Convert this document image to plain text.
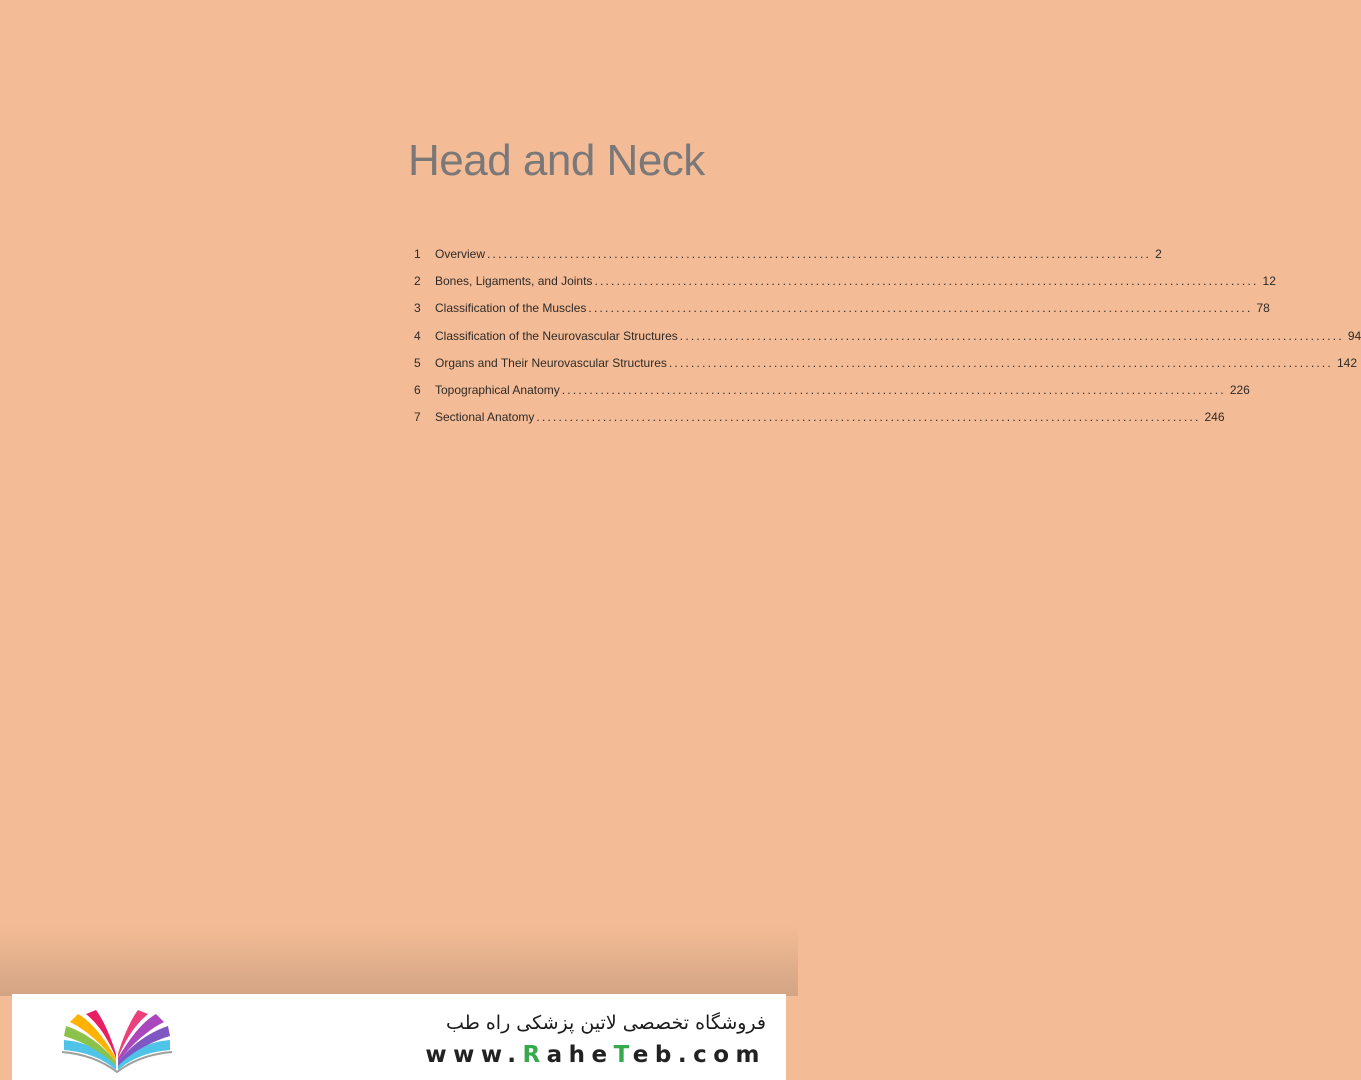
Head and Neck
1	Overview ........................................................................................................................ 2
2	Bones, Ligaments, and Joints ........................................................................................................................ 12
3	Classification of the Muscles ........................................................................................................................ 78
4	Classification of the Neurovascular Structures ........................................................................................................................ 94
5	Organs and Their Neurovascular Structures ........................................................................................................................ 142
6	Topographical Anatomy ........................................................................................................................ 226
7	Sectional Anatomy ........................................................................................................................ 246
فروشگاه تخصصی لاتین پزشکی راه طب
www.RaheTeb.com
